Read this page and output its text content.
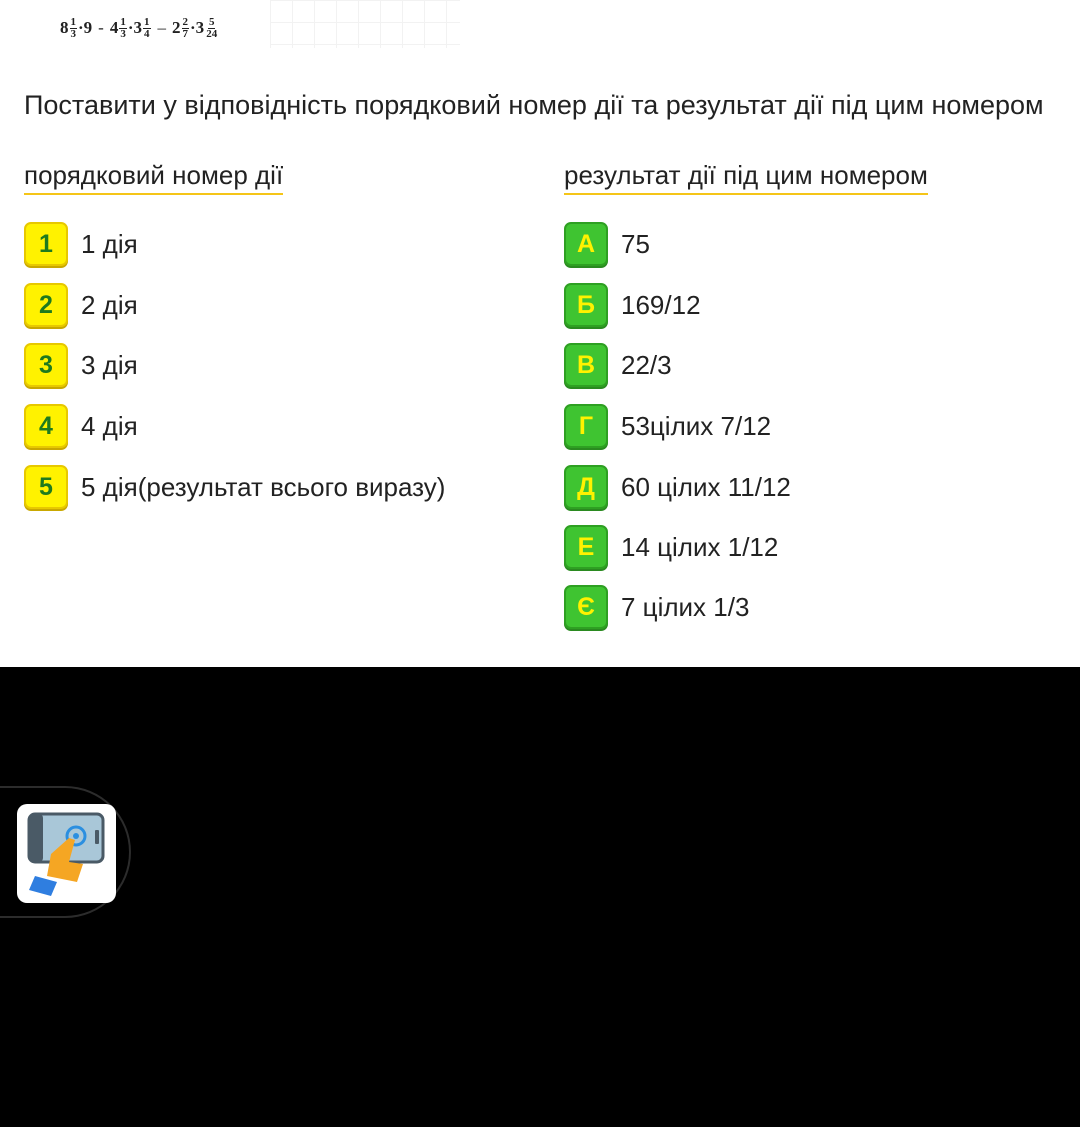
$8 \frac{1}{3} \cdot 9 - 4 \frac{1}{3} \cdot 3 \frac{1}{4} - 2 \frac{2}{7} \cdot 3 \frac{5}{24}$
Поставити у відповідність порядковий номер дії та результат дії під цим номером
порядковий номер дії	результат дії під цим номером
1	1 дія
2	2 дія
3	3 дія
4	4 дія
5	5 дія(результат всього виразу)
А 75
Б	169/12
В 22/3
Г	53цілих 7/12
Д	60 цілих 11/12
Е	14 цілих 1/12
Є	7 цілих 1/3
